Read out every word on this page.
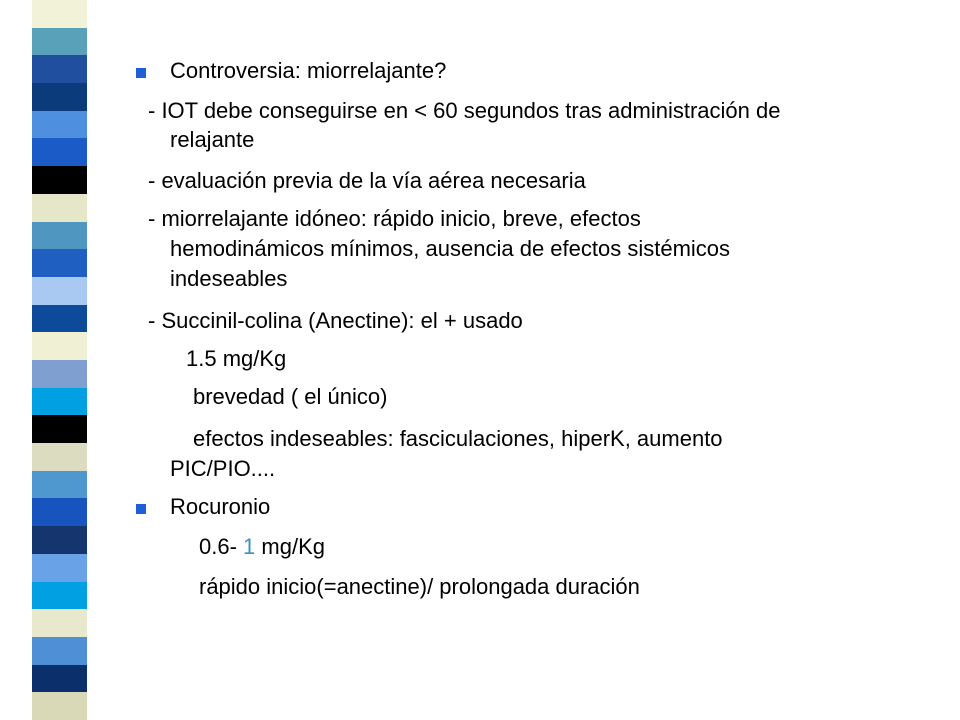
Controversia: miorrelajante?
- IOT debe conseguirse en < 60 segundos tras administración de
relajante
- evaluación previa de la vía aérea necesaria
- miorrelajante idóneo: rápido inicio, breve, efectos
hemodinámicos mínimos, ausencia de efectos sistémicos
indeseables
- Succinil-colina (Anectine): el + usado
1.5 mg/Kg
brevedad ( el único)
efectos indeseables: fasciculaciones, hiperK, aumento
PIC/PIO....
Rocuronio
0.6- 1 mg/Kg
rápido inicio(=anectine)/ prolongada duración
